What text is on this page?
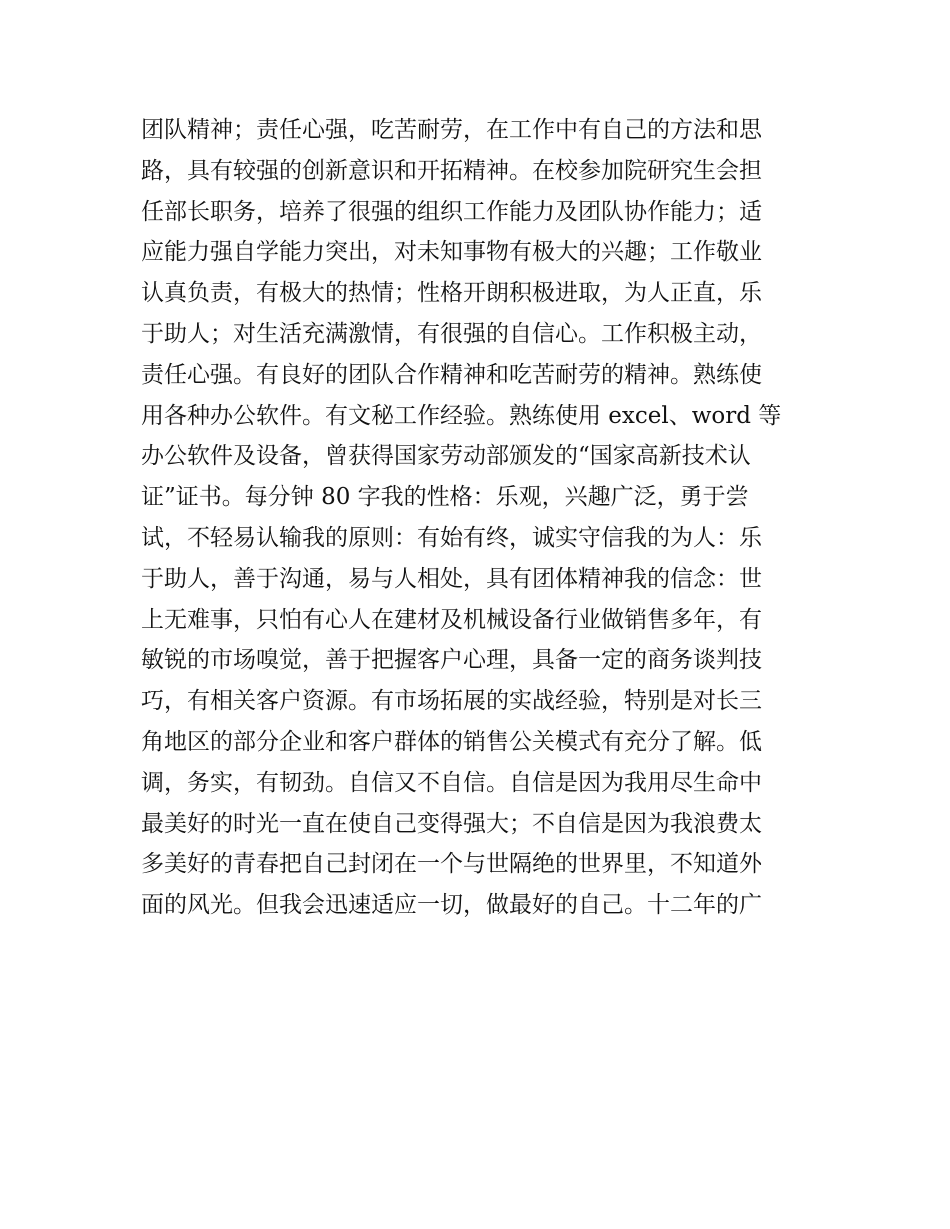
团队精神；责任心强，吃苦耐劳，在工作中有自己的方法和思
路，具有较强的创新意识和开拓精神。在校参加院研究生会担
任部长职务，培养了很强的组织工作能力及团队协作能力；适
应能力强自学能力突出，对未知事物有极大的兴趣；工作敬业
认真负责，有极大的热情；性格开朗积极进取，为人正直，乐
于助人；对生活充满激情，有很强的自信心。工作积极主动，
责任心强。有良好的团队合作精神和吃苦耐劳的精神。熟练使
用各种办公软件。有文秘工作经验。熟练使用 excel、word 等
办公软件及设备，曾获得国家劳动部颁发的“国家高新技术认
证”证书。每分钟 80 字我的性格：乐观，兴趣广泛，勇于尝
试，不轻易认输我的原则：有始有终，诚实守信我的为人：乐
于助人，善于沟通，易与人相处，具有团体精神我的信念：世
上无难事，只怕有心人在建材及机械设备行业做销售多年，有
敏锐的市场嗅觉，善于把握客户心理，具备一定的商务谈判技
巧，有相关客户资源。有市场拓展的实战经验，特别是对长三
角地区的部分企业和客户群体的销售公关模式有充分了解。低
调，务实，有韧劲。自信又不自信。自信是因为我用尽生命中
最美好的时光一直在使自己变得强大；不自信是因为我浪费太
多美好的青春把自己封闭在一个与世隔绝的世界里，不知道外
面的风光。但我会迅速适应一切，做最好的自己。十二年的广
